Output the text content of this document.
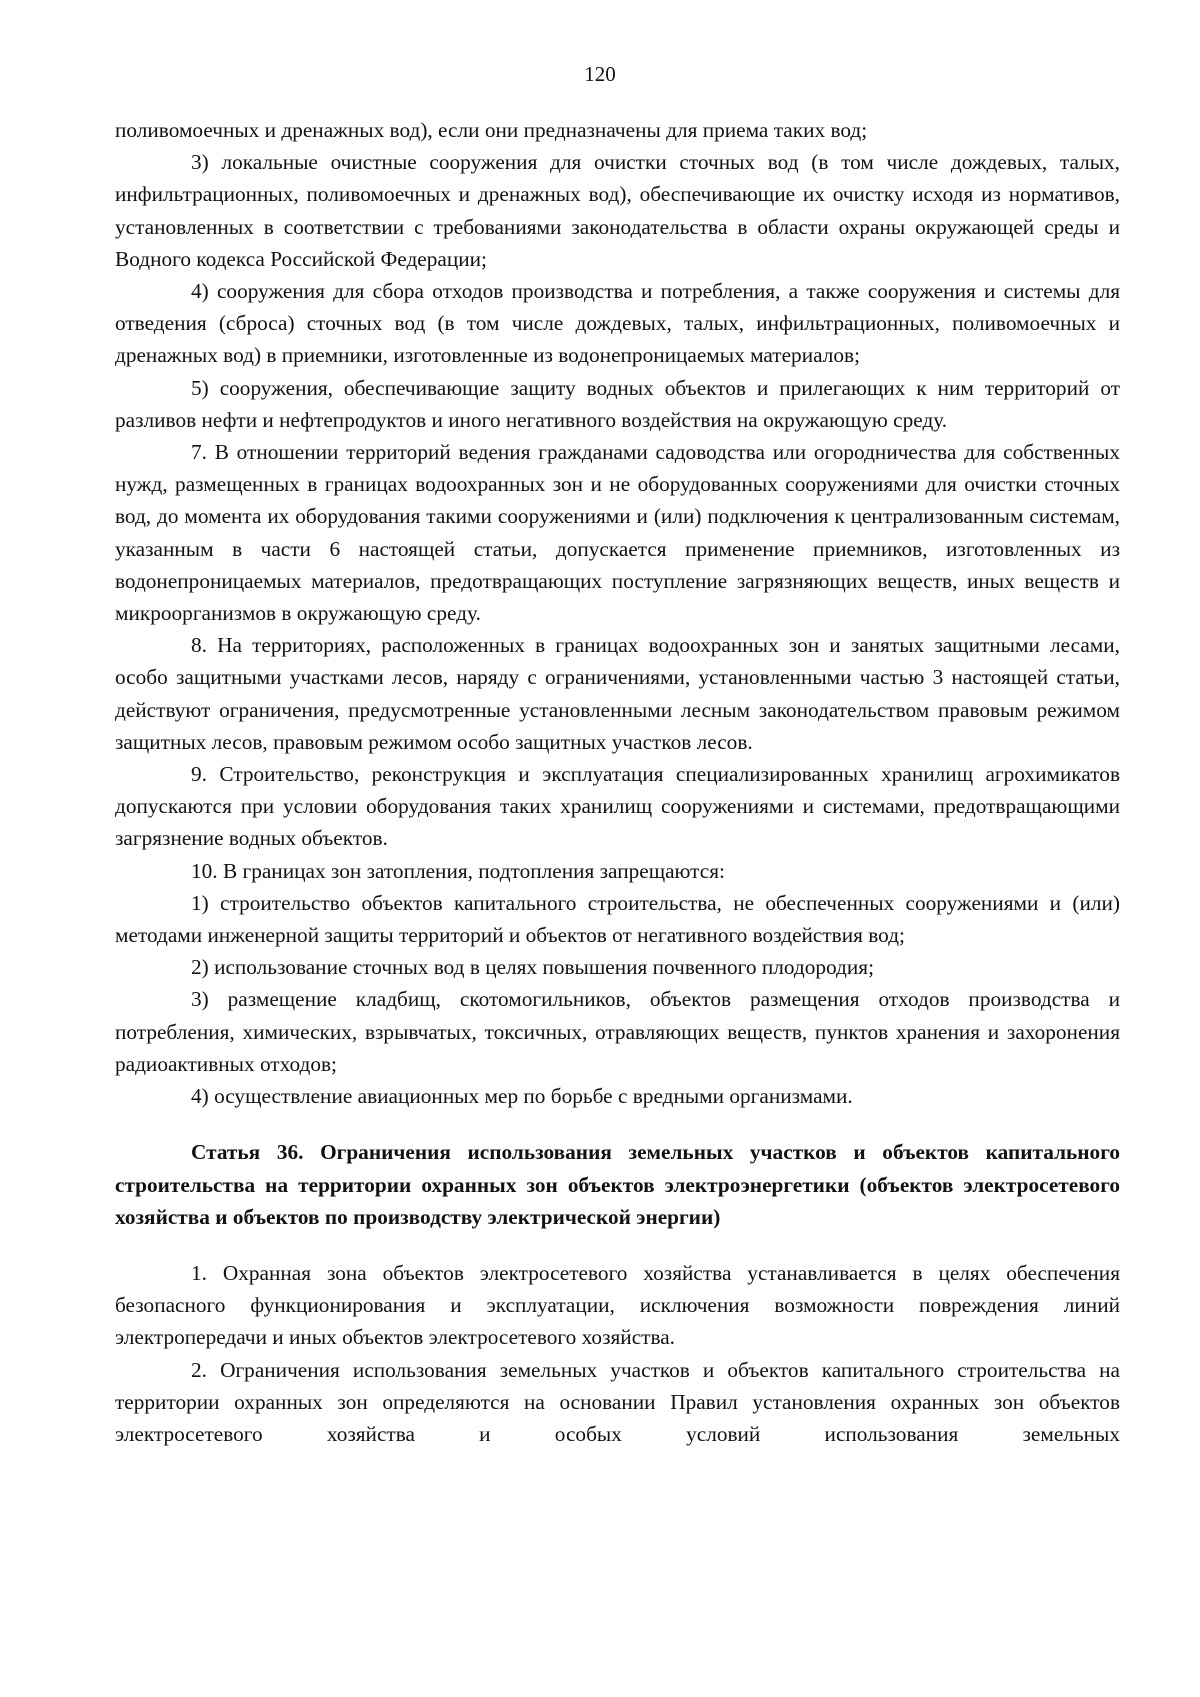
120

поливомоечных и дренажных вод), если они предназначены для приема таких вод;

3) локальные очистные сооружения для очистки сточных вод (в том числе дождевых, талых, инфильтрационных, поливомоечных и дренажных вод), обеспечивающие их очистку исходя из нормативов, установленных в соответствии с требованиями законодательства в области охраны окружающей среды и Водного кодекса Российской Федерации;

4) сооружения для сбора отходов производства и потребления, а также сооружения и системы для отведения (сброса) сточных вод (в том числе дождевых, талых, инфильтрационных, поливомоечных и дренажных вод) в приемники, изготовленные из водонепроницаемых материалов;

5) сооружения, обеспечивающие защиту водных объектов и прилегающих к ним территорий от разливов нефти и нефтепродуктов и иного негативного воздействия на окружающую среду.

7. В отношении территорий ведения гражданами садоводства или огородничества для собственных нужд, размещенных в границах водоохранных зон и не оборудованных сооружениями для очистки сточных вод, до момента их оборудования такими сооружениями и (или) подключения к централизованным системам, указанным в части 6 настоящей статьи, допускается применение приемников, изготовленных из водонепроницаемых материалов, предотвращающих поступление загрязняющих веществ, иных веществ и микроорганизмов в окружающую среду.

8. На территориях, расположенных в границах водоохранных зон и занятых защитными лесами, особо защитными участками лесов, наряду с ограничениями, установленными частью 3 настоящей статьи, действуют ограничения, предусмотренные установленными лесным законодательством правовым режимом защитных лесов, правовым режимом особо защитных участков лесов.

9. Строительство, реконструкция и эксплуатация специализированных хранилищ агрохимикатов допускаются при условии оборудования таких хранилищ сооружениями и системами, предотвращающими загрязнение водных объектов.

10. В границах зон затопления, подтопления запрещаются:

1) строительство объектов капитального строительства, не обеспеченных сооружениями и (или) методами инженерной защиты территорий и объектов от негативного воздействия вод;

2) использование сточных вод в целях повышения почвенного плодородия;

3) размещение кладбищ, скотомогильников, объектов размещения отходов производства и потребления, химических, взрывчатых, токсичных, отравляющих веществ, пунктов хранения и захоронения радиоактивных отходов;

4) осуществление авиационных мер по борьбе с вредными организмами.

Статья 36. Ограничения использования земельных участков и объектов капитального строительства на территории охранных зон объектов электроэнергетики (объектов электросетевого хозяйства и объектов по производству электрической энергии)

1. Охранная зона объектов электросетевого хозяйства устанавливается в целях обеспечения безопасного функционирования и эксплуатации, исключения возможности повреждения линий электропередачи и иных объектов электросетевого хозяйства.

2. Ограничения использования земельных участков и объектов капитального строительства на территории охранных зон определяются на основании Правил установления охранных зон объектов электросетевого хозяйства и особых условий использования земельных
